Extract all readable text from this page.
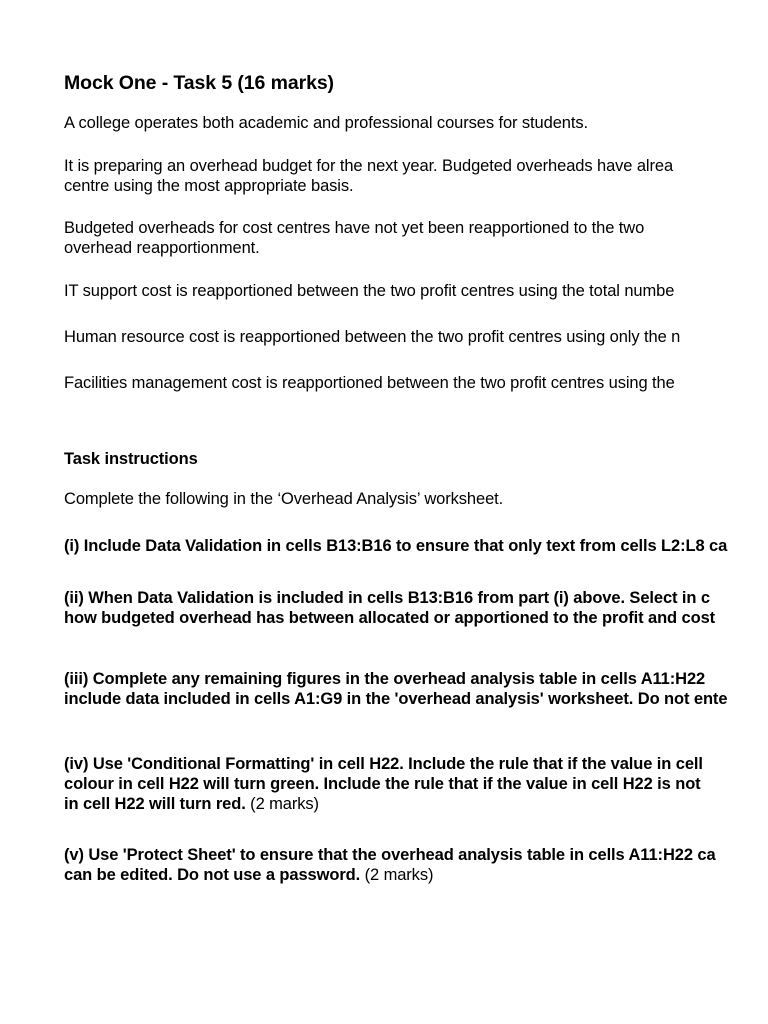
Mock One - Task 5 (16 marks)
A college operates both academic and professional courses for students.
It is preparing an overhead budget for the next year. Budgeted overheads have alrea
centre using the most appropriate basis.
Budgeted overheads for cost centres have not yet been reapportioned to the two
overhead reapportionment.
IT support cost is reapportioned between the two profit centres using the total numbe
Human resource cost is reapportioned between the two profit centres using only the n
Facilities management cost is reapportioned between the two profit centres using the
Task instructions
Complete the following in the ‘Overhead Analysis’ worksheet.
(i) Include Data Validation in cells B13:B16 to ensure that only text from cells L2:L8 ca
(ii) When Data Validation is included in cells B13:B16 from part (i) above. Select in c
how budgeted overhead has between allocated or apportioned to the profit and cost
(iii) Complete any remaining figures in the overhead analysis table in cells A11:H22
include data included in cells A1:G9 in the 'overhead analysis' worksheet. Do not ente
(iv) Use 'Conditional Formatting' in cell H22. Include the rule that if the value in cell
colour in cell H22 will turn green. Include the rule that if the value in cell H22 is not
in cell H22 will turn red. (2 marks)
(v) Use 'Protect Sheet' to ensure that the overhead analysis table in cells A11:H22 ca
can be edited. Do not use a password. (2 marks)
